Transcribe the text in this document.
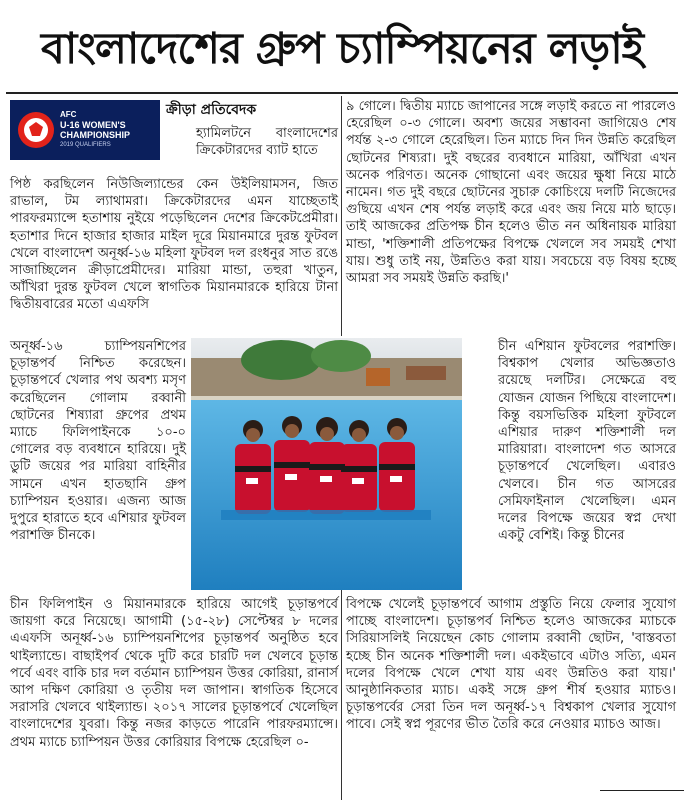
বাংলাদেশের গ্রুপ চ্যাম্পিয়নের লড়াই
AFC
U-16 WOMEN'S
CHAMPIONSHIP
2019 QUALIFIERS
ক্রীড়া প্রতিবেদক

হ্যামিলটনে বাংলাদেশের ক্রিকেটারদের ব্যাট হাতে

পিষ্ঠ করছিলেন নিউজিল্যান্ডের কেন উইলিয়ামসন, জিত রাভাল, টম ল্যাথামরা। ক্রিকেটারদের এমন যাচ্ছেতাই পারফরম্যান্সে হতাশায় নুইয়ে পড়েছিলেন দেশের ক্রিকেটপ্রেমীরা। হতাশার দিনে হাজার হাজার মাইল দূরে মিয়ানমারে দুরন্ত ফুটবল খেলে বাংলাদেশ অনূর্ধ্ব-১৬ মহিলা ফুটবল দল রংধনুর সাত রঙে সাজাচ্ছিলেন ক্রীড়াপ্রেমীদের। মারিয়া মান্ডা, তহুরা খাতুন, আঁখিরা দুরন্ত ফুটবল খেলে স্বাগতিক মিয়ানমারকে হারিয়ে টানা দ্বিতীয়বারের মতো এএফসি

অনূর্ধ্ব-১৬ চ্যাম্পিয়নশিপের চূড়ান্তপর্ব নিশ্চিত করেছেন। চূড়ান্তপর্বে খেলার পথ অবশ্য মসৃণ করেছিলেন গোলাম রব্বানী ছোটনের শিষ্যারা গ্রুপের প্রথম ম্যাচে ফিলিপাইনকে ১০-০ গোলের বড় ব্যবধানে হারিয়ে। দুই ডুটি জয়ের পর মারিয়া বাহিনীর সামনে এখন হাতছানি গ্রুপ চ্যাম্পিয়ন হওয়ার। এজন্য আজ দুপুরে হারাতে হবে এশিয়ার ফুটবল পরাশক্তি চীনকে।

চীন ফিলিপাইন ও মিয়ানমারকে হারিয়ে আগেই চূড়ান্তপর্বে জায়গা করে নিয়েছে। আগামী (১৫-২৮) সেপ্টেম্বর ৮ দলের এএফসি অনূর্ধ্ব-১৬ চ্যাম্পিয়নশিপের চূড়ান্তপর্ব অনুষ্ঠিত হবে থাইল্যান্ডে। বাছাইপর্ব থেকে দুটি করে চারটি দল খেলবে চূড়ান্ত পর্বে এবং বাকি চার দল বর্তমান চ্যাম্পিয়ন উত্তর কোরিয়া, রানার্স আপ দক্ষিণ কোরিয়া ও তৃতীয় দল জাপান। স্বাগতিক হিসেবে সরাসরি খেলবে থাইল্যান্ড। ২০১৭ সালের চূড়ান্তপর্বে খেলেছিল বাংলাদেশের যুবরা। কিন্তু নজর কাড়তে পারেনি পারফরম্যান্সে। প্রথম ম্যাচে চ্যাম্পিয়ন উত্তর কোরিয়ার বিপক্ষে হেরেছিল ০-

৯ গোলে। দ্বিতীয় ম্যাচে জাপানের সঙ্গে লড়াই করতে না পারলেও হেরেছিল ০-৩ গোলে। অবশ্য জয়ের সম্ভাবনা জাগিয়েও শেষ পর্যন্ত ২-৩ গোলে হেরেছিল। তিন ম্যাচে দিন দিন উন্নতি করেছিল ছোটনের শিষ্যরা। দুই বছরের ব্যবধানে মারিয়া, আঁখিরা এখন অনেক পরিণত। অনেক গোছানো এবং জয়ের ক্ষুধা নিয়ে মাঠে নামেন। গত দুই বছরে ছোটনের সুচারু কোচিংয়ে দলটি নিজেদের গুছিয়ে এখন শেষ পর্যন্ত লড়াই করে এবং জয় নিয়ে মাঠ ছাড়ে। তাই আজকের প্রতিপক্ষ চীন হলেও ভীত নন অধিনায়ক মারিয়া মান্ডা, 'শক্তিশালী প্রতিপক্ষের বিপক্ষে খেললে সব সময়ই শেখা যায়। শুধু তাই নয়, উন্নতিও করা যায়। সবচেয়ে বড় বিষয় হচ্ছে আমরা সব সময়ই উন্নতি করছি।'

চীন এশিয়ান ফুটবলের পরাশক্তি। বিশ্বকাপ খেলার অভিজ্ঞতাও রয়েছে দলটির। সেক্ষেত্রে বহু যোজন যোজন পিছিয়ে বাংলাদেশ। কিন্তু বয়সভিত্তিক মহিলা ফুটবলে এশিয়ার দারুণ শক্তিশালী দল মারিয়ারা। বাংলাদেশ গত আসরে চূড়ান্তপর্বে খেলেছিল। এবারও খেলবে। চীন গত আসরের সেমিফাইনাল খেলেছিল। এমন দলের বিপক্ষে জয়ের স্বপ্ন দেখা একটু বেশিই। কিন্তু চীনের

বিপক্ষে খেলেই চূড়ান্তপর্বে আগাম প্রস্তুতি নিয়ে ফেলার সুযোগ পাচ্ছে বাংলাদেশ। চূড়ান্তপর্ব নিশ্চিত হলেও আজকের ম্যাচকে সিরিয়াসলিই নিয়েছেন কোচ গোলাম রব্বানী ছোটন, 'বাস্তবতা হচ্ছে চীন অনেক শক্তিশালী দল। একইভাবে এটাও সত্যি, এমন দলের বিপক্ষে খেলে শেখা যায় এবং উন্নতিও করা যায়।' আনুষ্ঠানিকতার ম্যাচ। একই সঙ্গে গ্রুপ শীর্ষ হওয়ার ম্যাচও। চূড়ান্তপর্বের সেরা তিন দল অনূর্ধ্ব-১৭ বিশ্বকাপ খেলার সুযোগ পাবে। সেই স্বপ্ন পূরণের ভীত তৈরি করে নেওয়ার ম্যাচও আজ।
